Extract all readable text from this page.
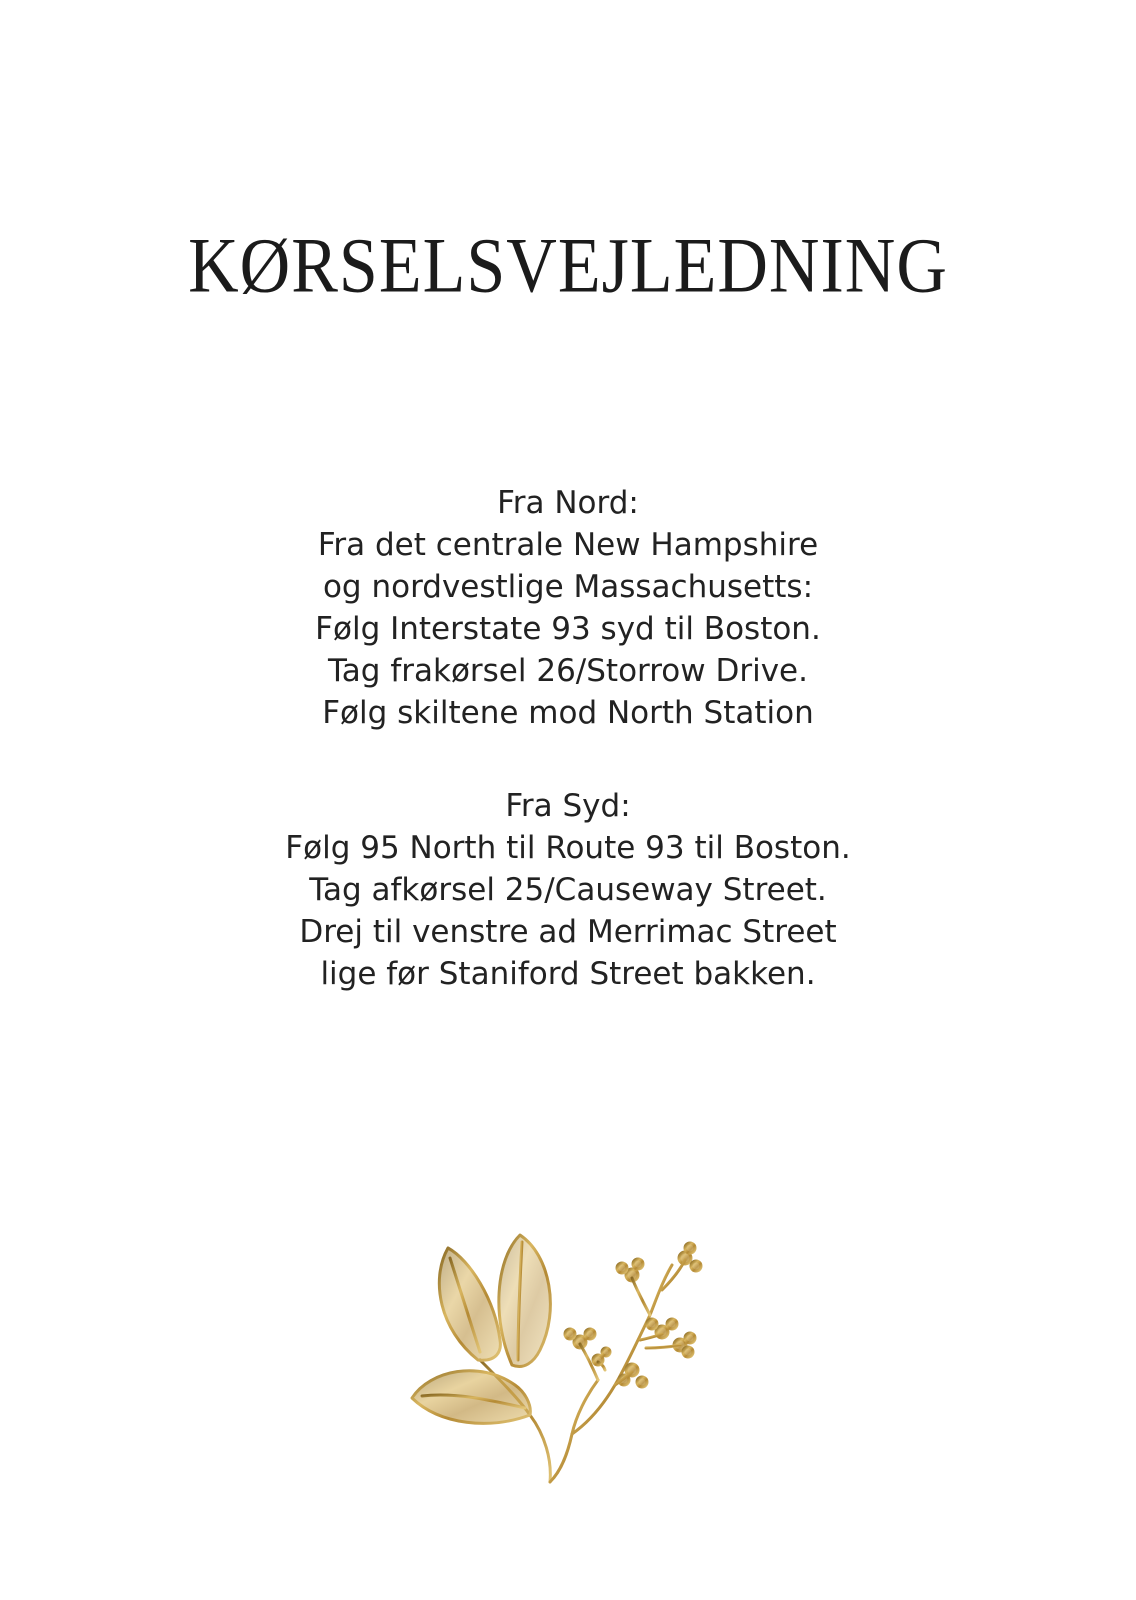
KØRSELSVEJLEDNING
Fra Nord:
Fra det centrale New Hampshire
og nordvestlige Massachusetts:
Følg Interstate 93 syd til Boston.
Tag frakørsel 26/Storrow Drive.
Følg skiltene mod North Station
Fra Syd:
Følg 95 North til Route 93 til Boston.
Tag afkørsel 25/Causeway Street.
Drej til venstre ad Merrimac Street
lige før Staniford Street bakken.
